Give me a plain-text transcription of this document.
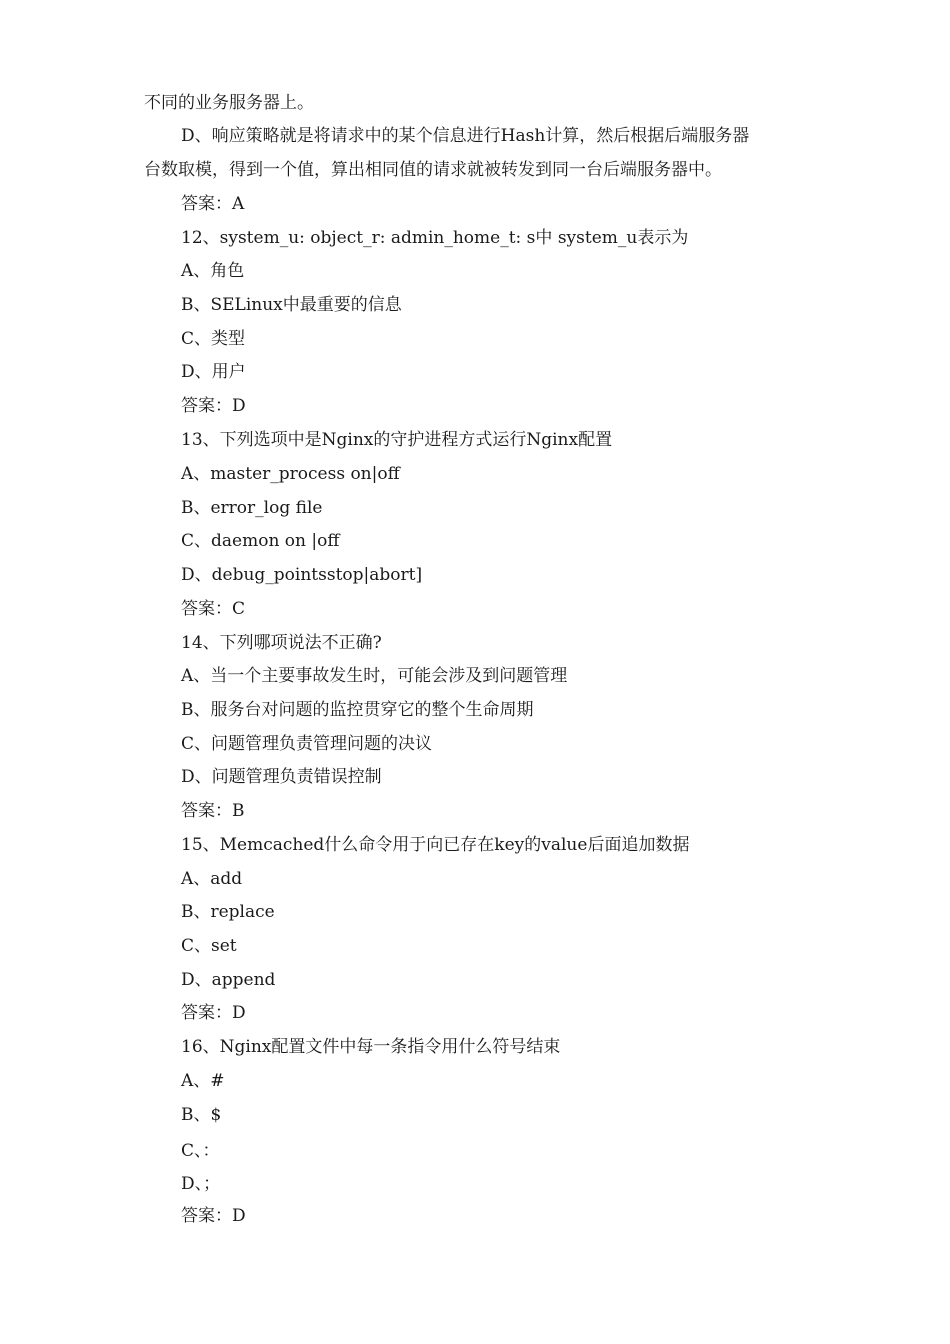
不同的业务服务器上。
D、响应策略就是将请求中的某个信息进行Hash计算，然后根据后端服务器
台数取模，得到一个值，算出相同值的请求就被转发到同一台后端服务器中。
答案：A
12、system_u: object_r: admin_home_t: s中 system_u表示为
A、角色
B、SELinux中最重要的信息
C、类型
D、用户
答案：D
13、下列选项中是Nginx的守护进程方式运行Nginx配置
A、master_process on|off
B、error_log file
C、daemon on |off
D、debug_pointsstop|abort]
答案：C
14、下列哪项说法不正确?
A、当一个主要事故发生时，可能会涉及到问题管理
B、服务台对问题的监控贯穿它的整个生命周期
C、问题管理负责管理问题的决议
D、问题管理负责错误控制
答案：B
15、Memcached什么命令用于向已存在key的value后面追加数据
A、add
B、replace
C、set
D、append
答案：D
16、Nginx配置文件中每一条指令用什么符号结束
A、#
B、$
C、：
D、；
答案：D
